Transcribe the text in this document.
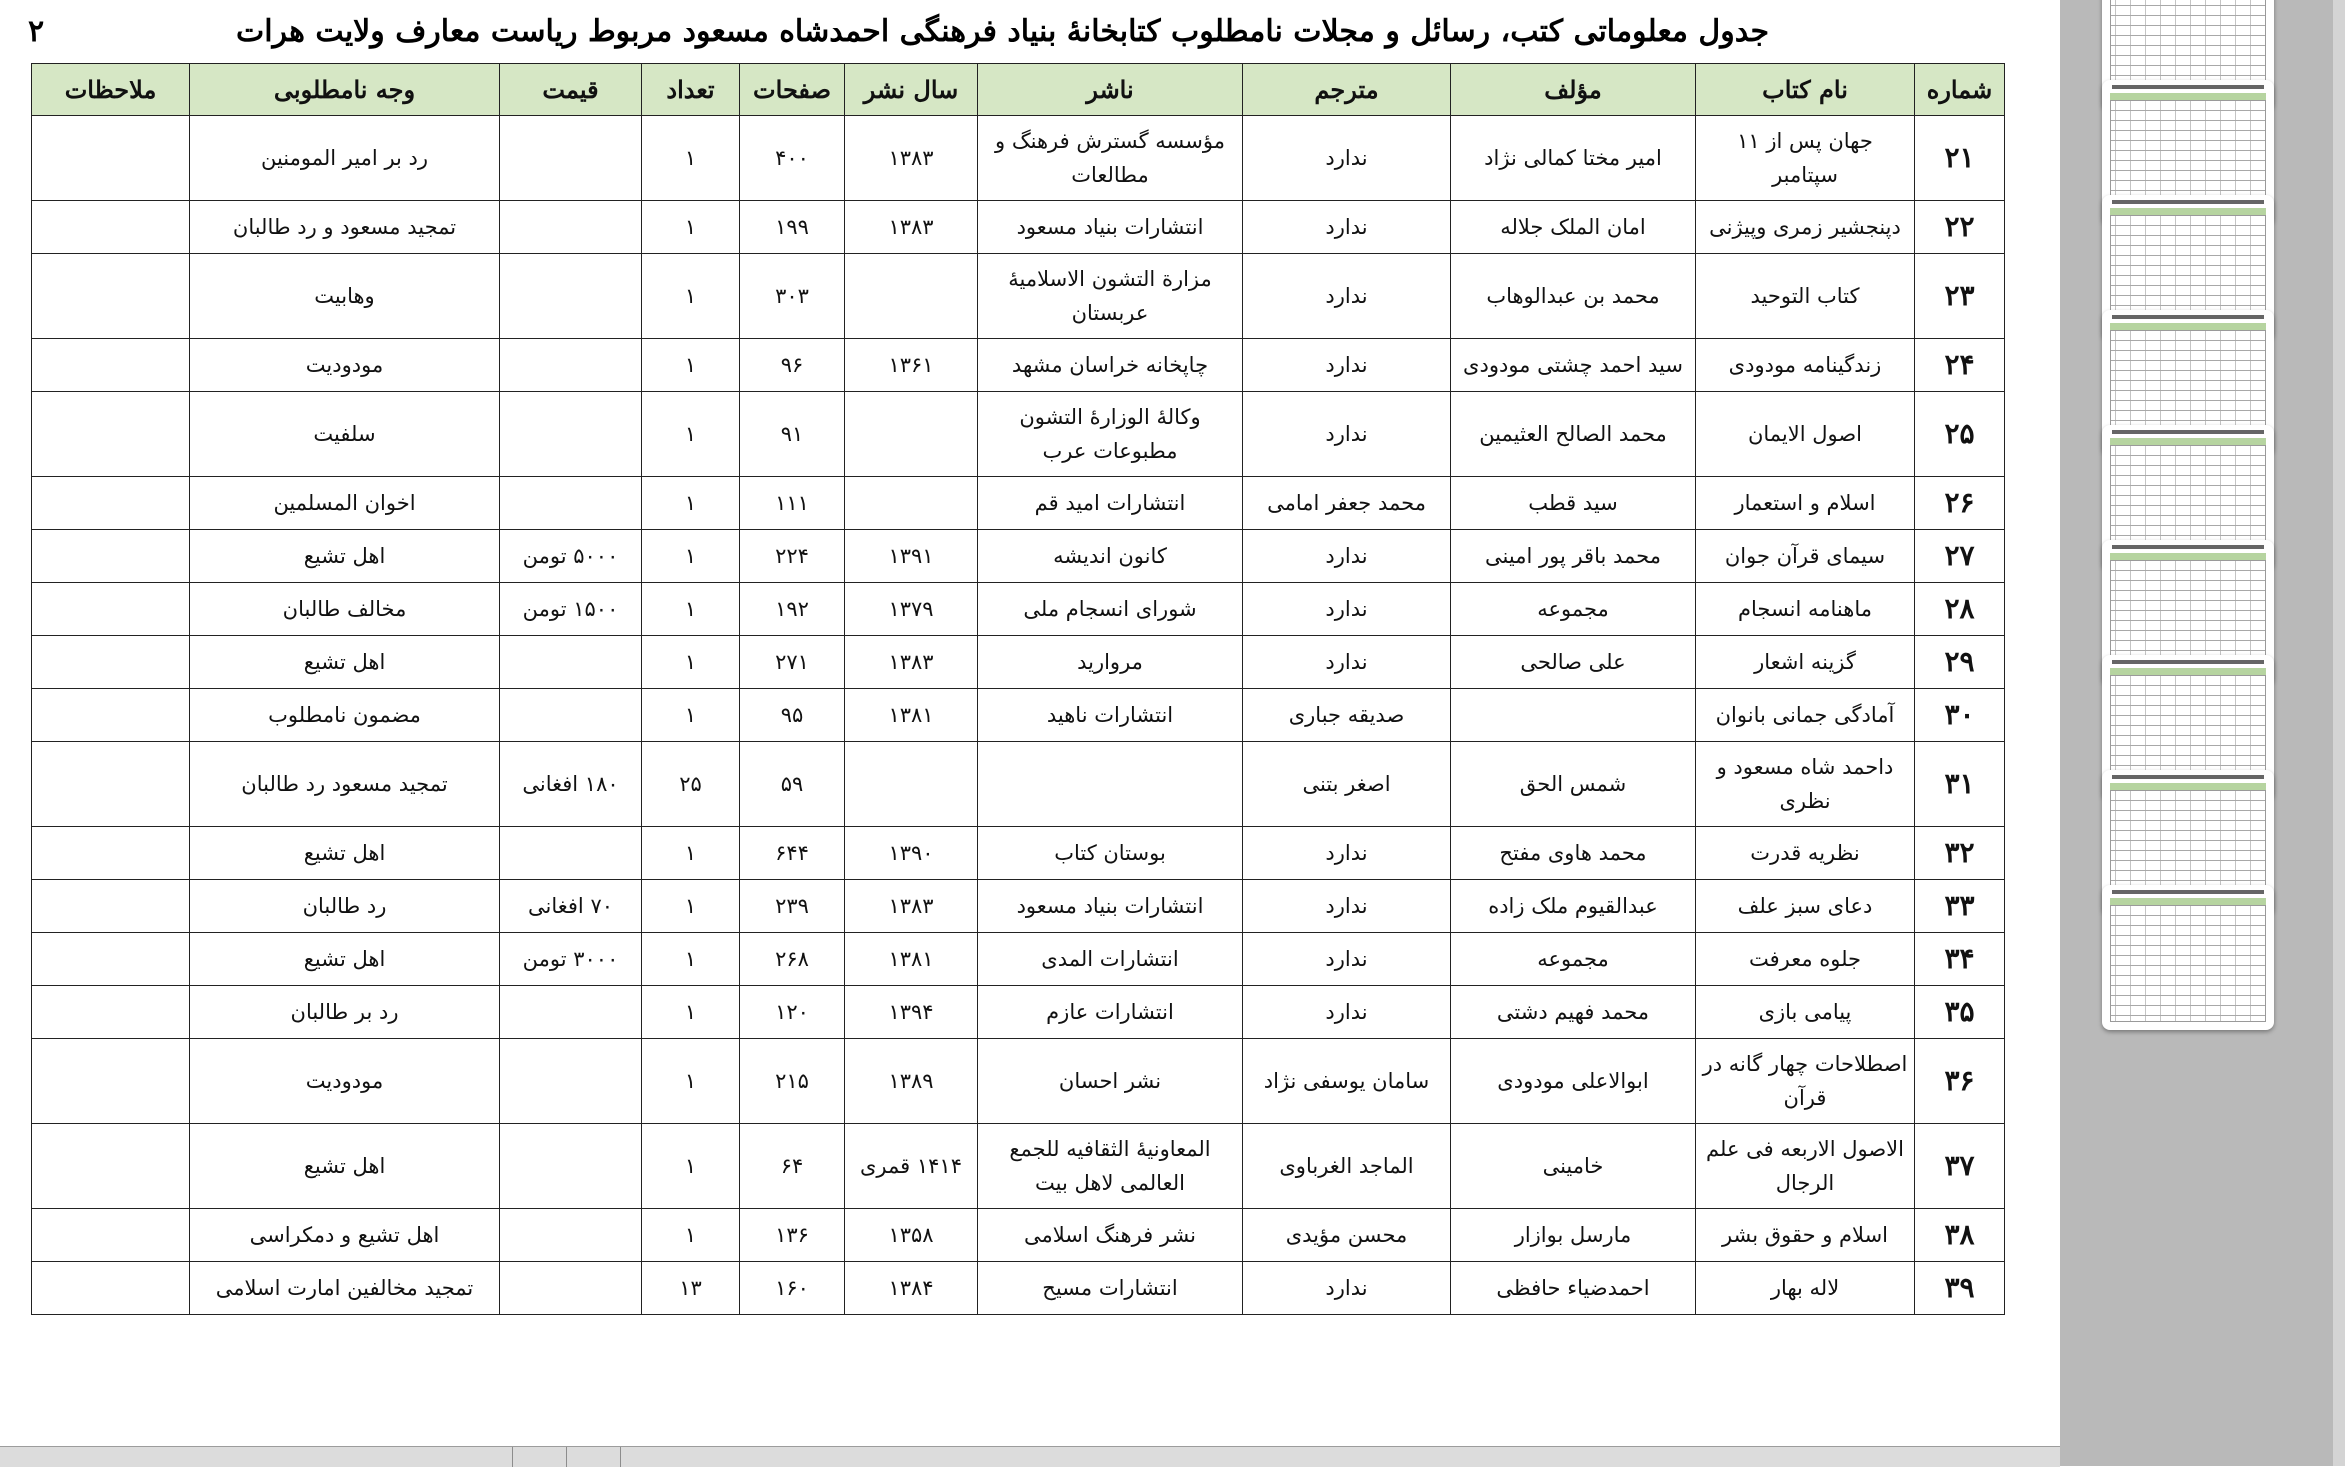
۲	جدول معلوماتی کتب، رسائل و مجلات نامطلوب کتابخانهٔ بنیاد فرهنگی احمدشاه مسعود مربوط ریاست معارف ولایت هرات
شماره	نام کتاب	مؤلف	مترجم	ناشر	سال نشر	صفحات	تعداد	قیمت	وجه نامطلوبی	ملاحظات
۲۱	جهان پس از ۱۱ سپتامبر	امیر مختا کمالی نژاد	ندارد	مؤسسه گسترش فرهنگ و مطالعات	۱۳۸۳	۴۰۰	۱		رد بر امیر المومنین	
۲۲	دپنجشیر زمری وپیژنی	امان الملک جلاله	ندارد	انتشارات بنیاد مسعود	۱۳۸۳	۱۹۹	۱		تمجید مسعود و رد طالبان	
۲۳	کتاب التوحید	محمد بن عبدالوهاب	ندارد	مزارة التشون الاسلامیهٔ عربستان		۳۰۳	۱		وهابیت	
۲۴	زندگینامه مودودی	سید احمد چشتی مودودی	ندارد	چاپخانه خراسان مشهد	۱۳۶۱	۹۶	۱		مودودیت	
۲۵	اصول الایمان	محمد الصالح العثیمین	ندارد	وکالهٔ الوزارهٔ التشون مطبوعات عرب		۹۱	۱		سلفیت	
۲۶	اسلام و استعمار	سید قطب	محمد جعفر امامی	انتشارات امید قم		۱۱۱	۱		اخوان المسلمین	
۲۷	سیمای قرآن جوان	محمد باقر پور امینی	ندارد	کانون اندیشه	۱۳۹۱	۲۲۴	۱	۵۰۰۰ تومن	اهل تشیع	
۲۸	ماهنامه انسجام	مجموعه	ندارد	شورای انسجام ملی	۱۳۷۹	۱۹۲	۱	۱۵۰۰ تومن	مخالف طالبان	
۲۹	گزینه اشعار	علی صالحی	ندارد	مروارید	۱۳۸۳	۲۷۱	۱		اهل تشیع	
۳۰	آمادگی جمانی بانوان		صدیقه جباری	انتشارات ناهید	۱۳۸۱	۹۵	۱		مضمون نامطلوب	
۳۱	داحمد شاه مسعود و نظری	شمس الحق	اصغر بتنی			۵۹	۲۵	۱۸۰ افغانی	تمجید مسعود رد طالبان	
۳۲	نظریه قدرت	محمد هاوی مفتح	ندارد	بوستان کتاب	۱۳۹۰	۶۴۴	۱		اهل تشیع	
۳۳	دعای سبز علف	عبدالقیوم ملک زاده	ندارد	انتشارات بنیاد مسعود	۱۳۸۳	۲۳۹	۱	۷۰ افغانی	رد طالبان	
۳۴	جلوه معرفت	مجموعه	ندارد	انتشارات المدی	۱۳۸۱	۲۶۸	۱	۳۰۰۰ تومن	اهل تشیع	
۳۵	پیامی بازی	محمد فهیم دشتی	ندارد	انتشارات عازم	۱۳۹۴	۱۲۰	۱		رد بر طالبان	
۳۶	اصطلاحات چهار گانه در قرآن	ابوالاعلی مودودی	سامان یوسفی نژاد	نشر احسان	۱۳۸۹	۲۱۵	۱		مودودیت	
۳۷	الاصول الاربعه فی علم الرجال	خامینی	الماجد الغرباوی	المعاونیهٔ الثقافیه للجمع العالمی لاهل بیت	۱۴۱۴ قمری	۶۴	۱		اهل تشیع	
۳۸	اسلام و حقوق بشر	مارسل بوازار	محسن مؤیدی	نشر فرهنگ اسلامی	۱۳۵۸	۱۳۶	۱		اهل تشیع و دمکراسی	
۳۹	لاله بهار	احمدضیاء حافظی	ندارد	انتشارات مسیح	۱۳۸۴	۱۶۰	۱۳		تمجید مخالفین امارت اسلامی	
